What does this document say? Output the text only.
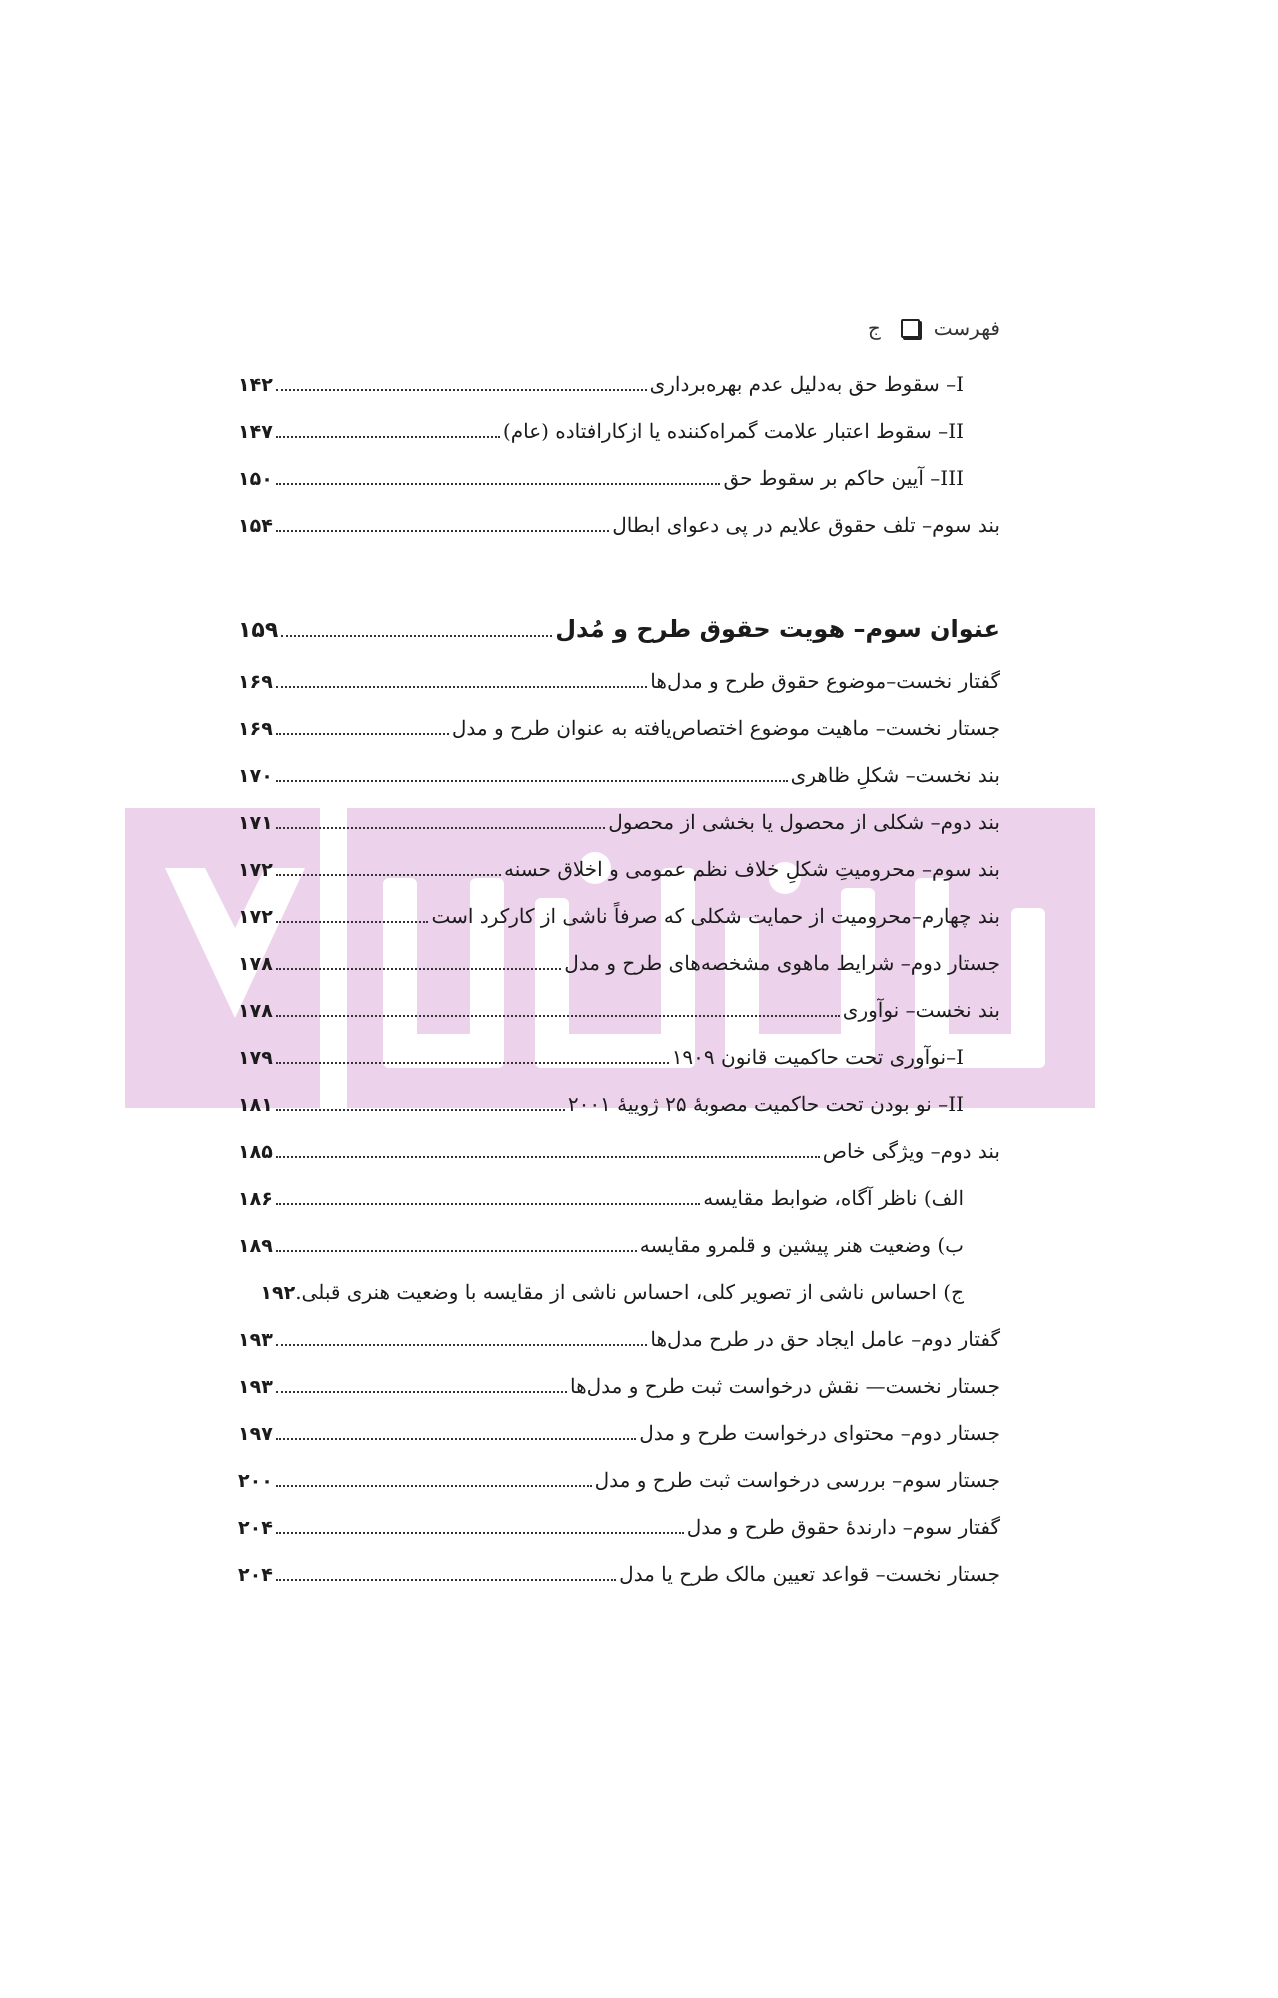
فهرست
ج
I– سقوط حق به‌دلیل عدم بهره‌برداری
۱۴۲
II– سقوط اعتبار علامت گمراه‌کننده یا ازکارافتاده (عام)
۱۴۷
III– آیین حاکم بر سقوط حق
۱۵۰
بند سوم– تلف حقوق علایم در پی دعوای ابطال
۱۵۴
عنوان سوم– هویت حقوق طرح و مُدل
۱۵۹
گفتار نخست–موضوع حقوق طرح و مدل‌ها
۱۶۹
جستار نخست– ماهیت موضوع اختصاص‌یافته به عنوان طرح و مدل
۱۶۹
بند نخست– شکلِ ظاهری
۱۷۰
بند دوم– شکلی از محصول یا بخشی از محصول
۱۷۱
بند سوم– محرومیتِ شکلِ خلاف نظم عمومی و اخلاق حسنه
۱۷۲
بند چهارم–محرومیت از حمایت شکلی که صرفاً ناشی از کارکرد است
۱۷۲
جستار دوم– شرایط ماهوی مشخصه‌های طرح و مدل
۱۷۸
بند نخست– نوآوری
۱۷۸
I–نوآوری تحت حاکمیت قانون ۱۹۰۹
۱۷۹
II– نو بودن تحت حاکمیت مصوبهٔ ۲۵ ژوییهٔ ۲۰۰۱
۱۸۱
بند دوم– ویژگی خاص
۱۸۵
الف) ناظر آگاه، ضوابط مقایسه
۱۸۶
ب) وضعیت هنر پیشین و قلمرو مقایسه
۱۸۹
ج) احساس ناشی از تصویر کلی، احساس ناشی از مقایسه با وضعیت هنری قبلی.
۱۹۲
گفتار دوم– عامل ایجاد حق در طرح مدل‌ها
۱۹۳
جستار نخست— نقش درخواست ثبت طرح و مدل‌ها
۱۹۳
جستار دوم– محتوای درخواست طرح و مدل
۱۹۷
جستار سوم– بررسی درخواست ثبت طرح و مدل
۲۰۰
گفتار سوم– دارندهٔ حقوق طرح و مدل
۲۰۴
جستار نخست– قواعد تعیین مالک طرح یا مدل
۲۰۴
